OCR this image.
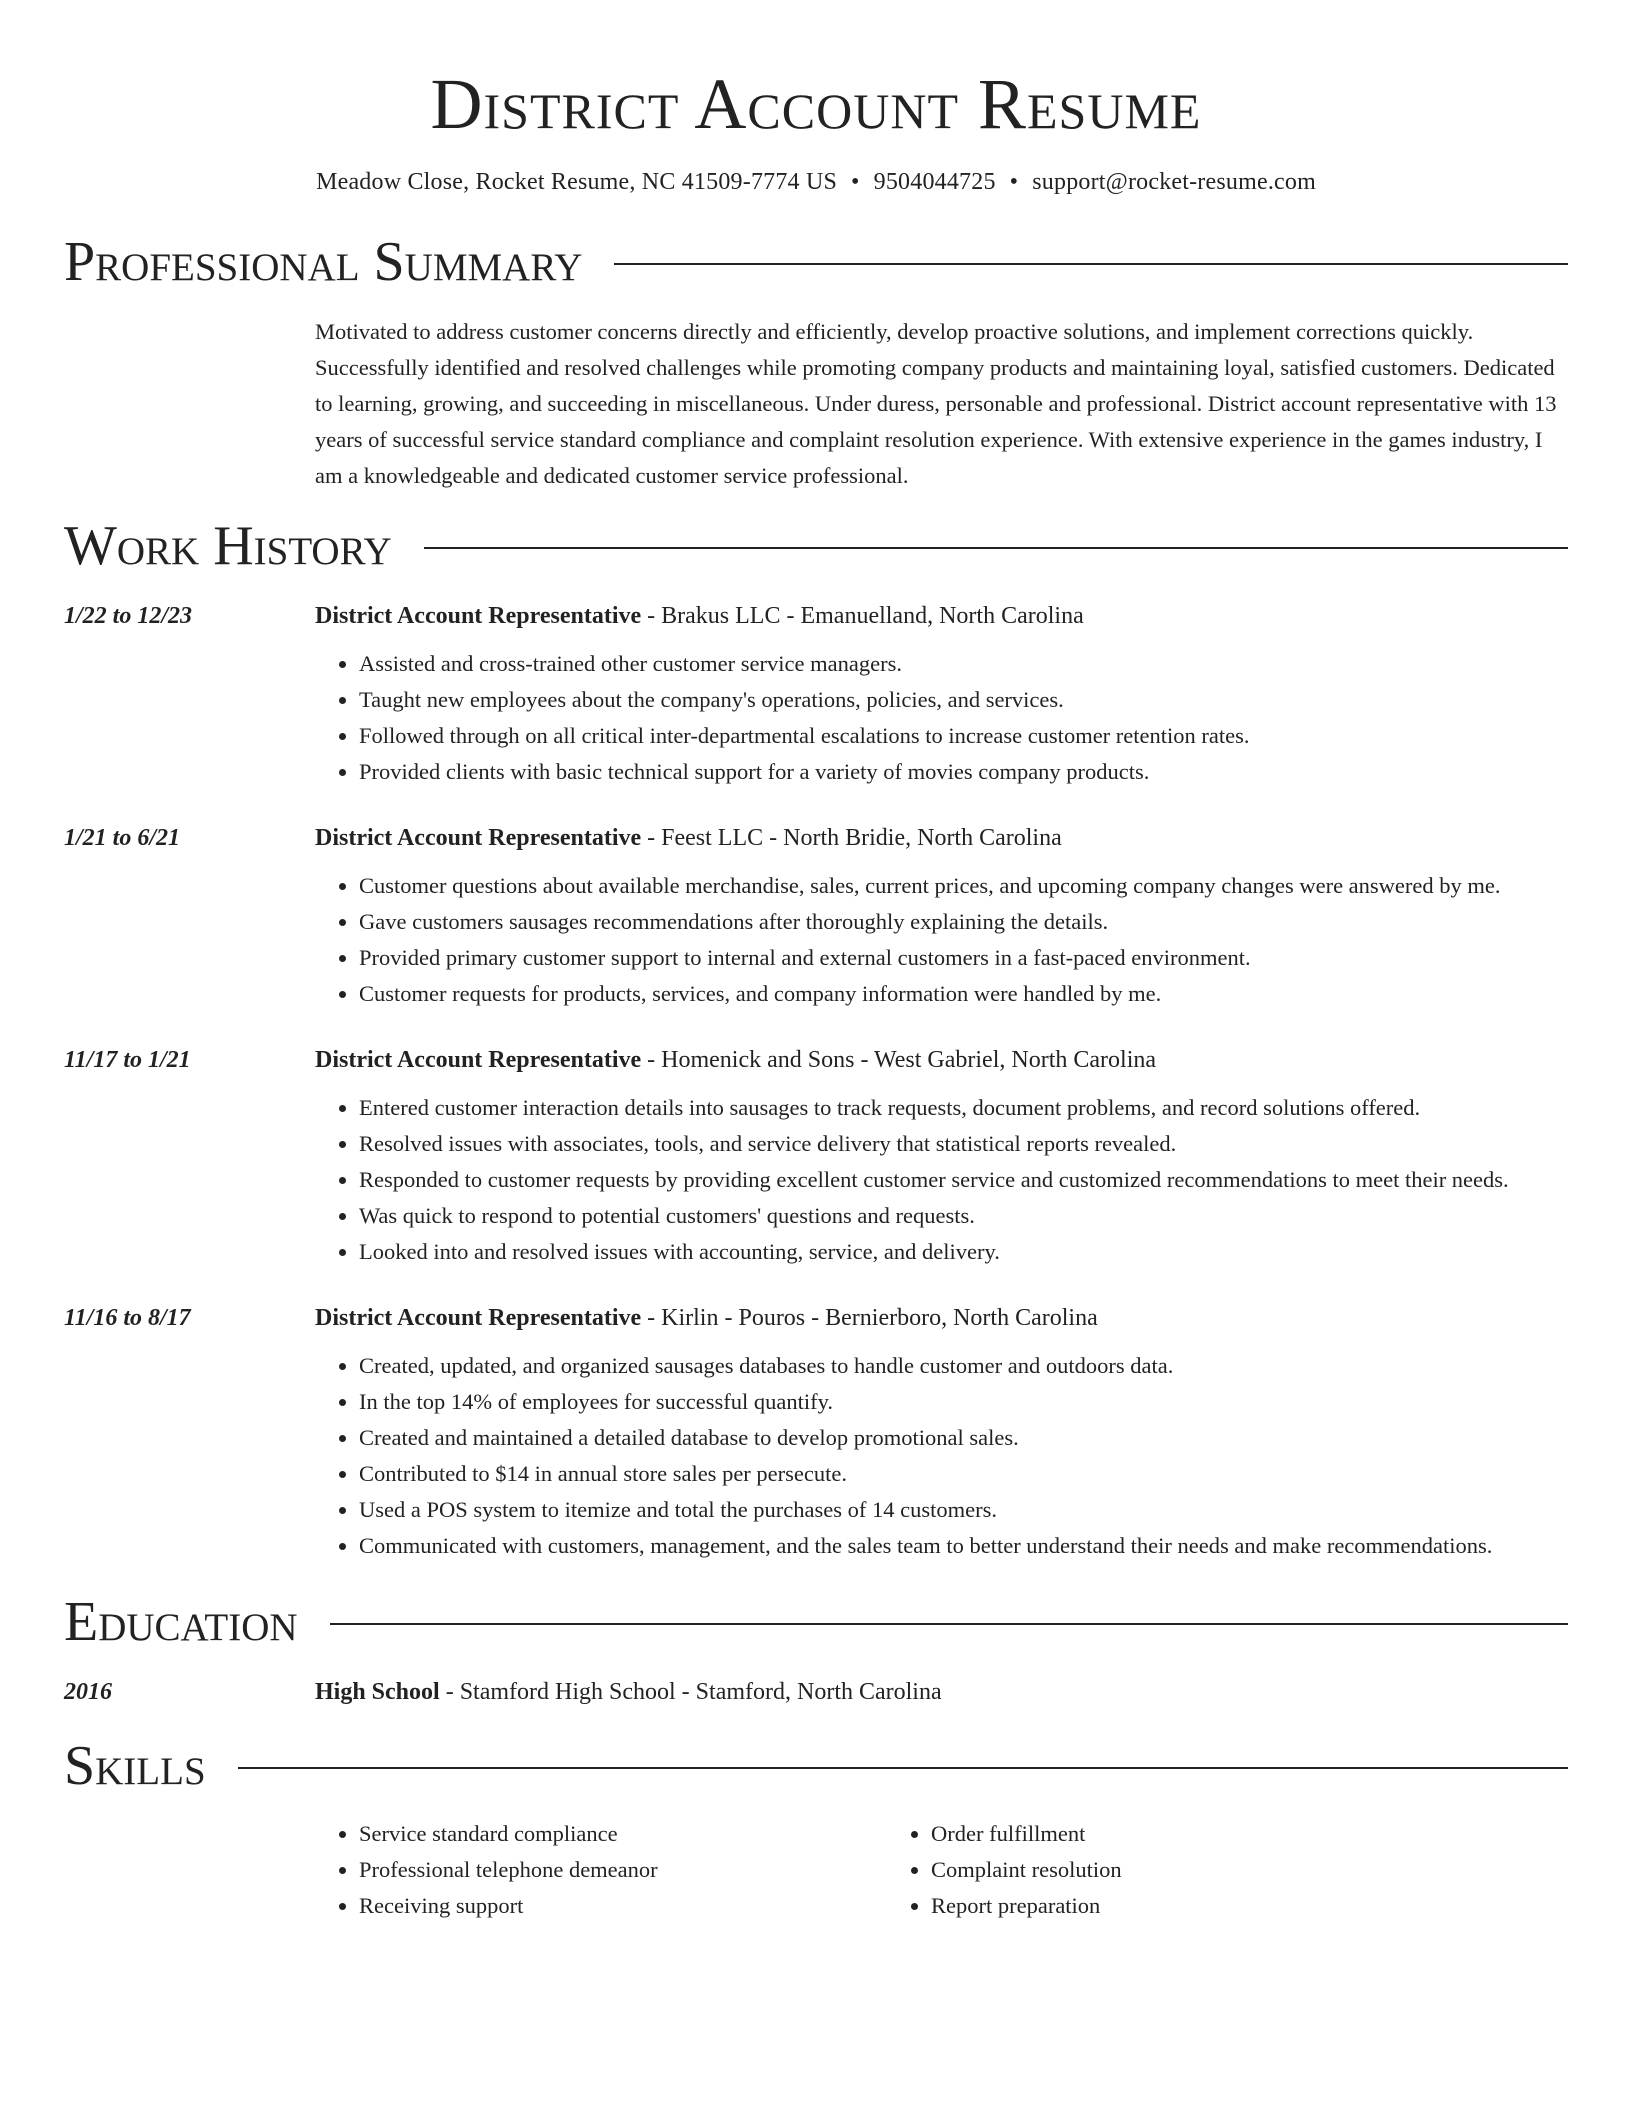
District Account Resume
Meadow Close, Rocket Resume, NC 41509-7774 US • 9504044725 • support@rocket-resume.com
Professional Summary
Motivated to address customer concerns directly and efficiently, develop proactive solutions, and implement corrections quickly. Successfully identified and resolved challenges while promoting company products and maintaining loyal, satisfied customers. Dedicated to learning, growing, and succeeding in miscellaneous. Under duress, personable and professional. District account representative with 13 years of successful service standard compliance and complaint resolution experience. With extensive experience in the games industry, I am a knowledgeable and dedicated customer service professional.
Work History
1/22 to 12/23	District Account Representative - Brakus LLC - Emanuelland, North Carolina
• Assisted and cross-trained other customer service managers.
• Taught new employees about the company's operations, policies, and services.
• Followed through on all critical inter-departmental escalations to increase customer retention rates.
• Provided clients with basic technical support for a variety of movies company products.
1/21 to 6/21	District Account Representative - Feest LLC - North Bridie, North Carolina
• Customer questions about available merchandise, sales, current prices, and upcoming company changes were answered by me.
• Gave customers sausages recommendations after thoroughly explaining the details.
• Provided primary customer support to internal and external customers in a fast-paced environment.
• Customer requests for products, services, and company information were handled by me.
11/17 to 1/21	District Account Representative - Homenick and Sons - West Gabriel, North Carolina
• Entered customer interaction details into sausages to track requests, document problems, and record solutions offered.
• Resolved issues with associates, tools, and service delivery that statistical reports revealed.
• Responded to customer requests by providing excellent customer service and customized recommendations to meet their needs.
• Was quick to respond to potential customers' questions and requests.
• Looked into and resolved issues with accounting, service, and delivery.
11/16 to 8/17	District Account Representative - Kirlin - Pouros - Bernierboro, North Carolina
• Created, updated, and organized sausages databases to handle customer and outdoors data.
• In the top 14% of employees for successful quantify.
• Created and maintained a detailed database to develop promotional sales.
• Contributed to $14 in annual store sales per persecute.
• Used a POS system to itemize and total the purchases of 14 customers.
• Communicated with customers, management, and the sales team to better understand their needs and make recommendations.
Education
2016	High School - Stamford High School - Stamford, North Carolina
Skills
• Service standard compliance
• Professional telephone demeanor
• Receiving support
• Order fulfillment
• Complaint resolution
• Report preparation
